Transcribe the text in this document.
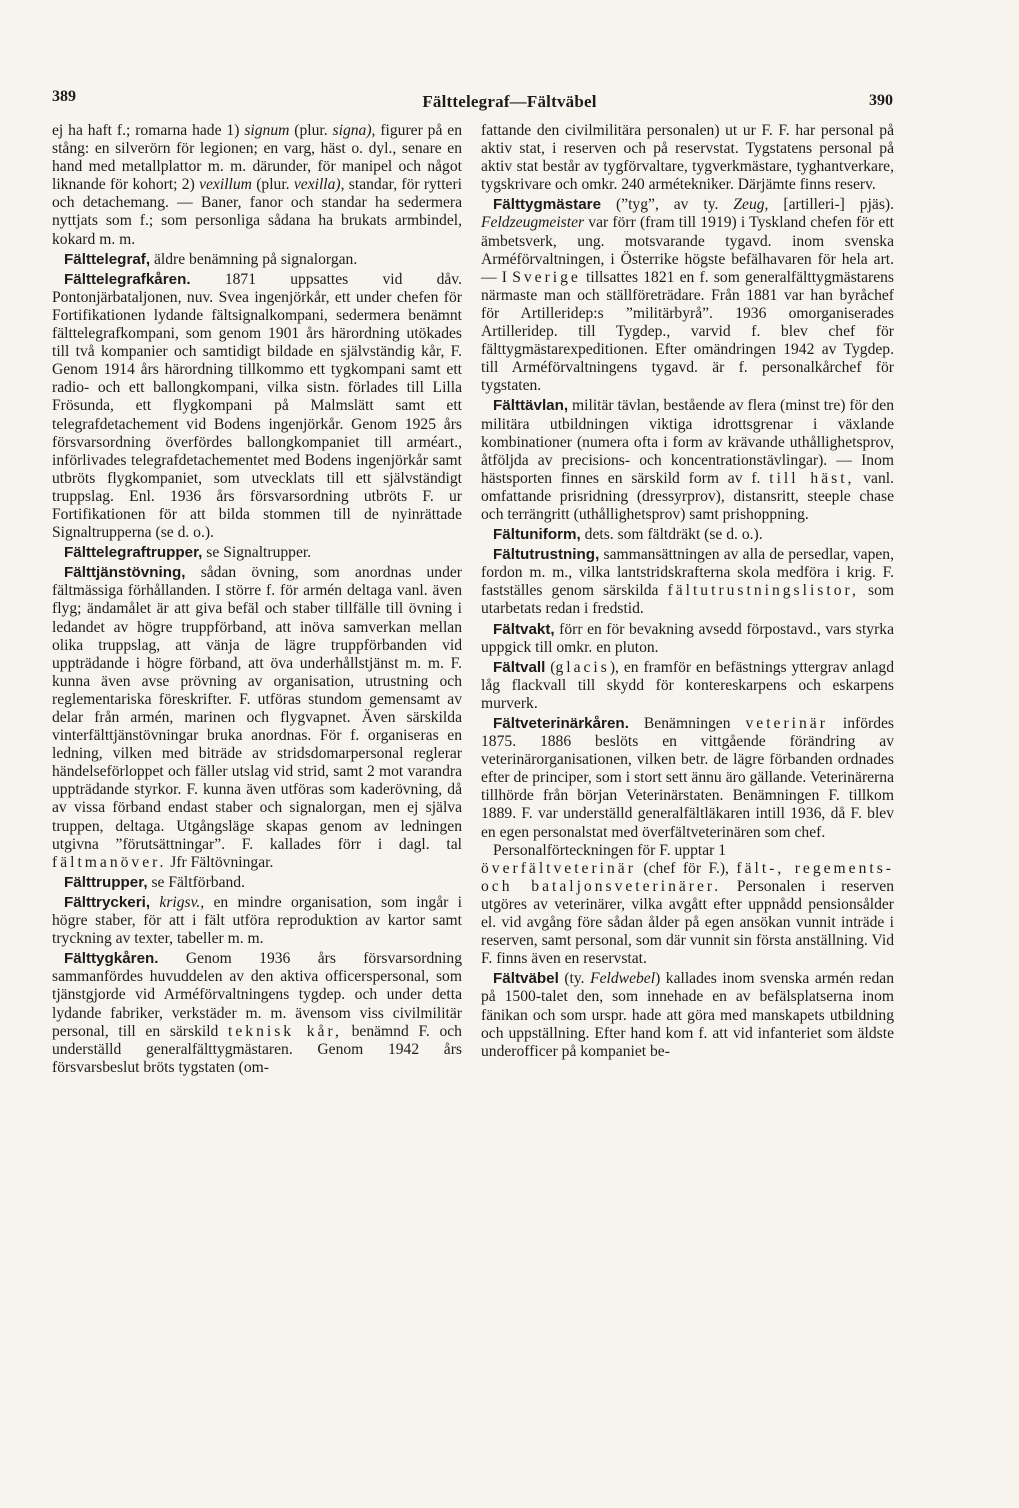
389	Fälttelegraf—Fältväbel	390

ej ha haft f.; romarna hade 1) signum (plur. signa), figurer på en stång: en silverörn för legionen; en varg, häst o. dyl., senare en hand med metallplattor m. m. därunder, för manipel och något liknande för kohort; 2) vexillum (plur. vexilla), standar, för rytteri och detachemang. — Baner, fanor och standar ha sedermera nyttjats som f.; som personliga sådana ha brukats armbindel, kokard m. m.

Fälttelegraf, äldre benämning på signalorgan.

Fälttelegrafkåren. 1871 uppsattes vid dåv. Pontonjärbataljonen, nuv. Svea ingenjörkår, ett under chefen för Fortifikationen lydande fältsignalkompani, sedermera benämnt fälttelegrafkompani, som genom 1901 års härordning utökades till två kompanier och samtidigt bildade en självständig kår, F. Genom 1914 års härordning tillkommo ett tygkompani samt ett radio- och ett ballongkompani, vilka sistn. förlades till Lilla Frösunda, ett flygkompani på Malmslätt samt ett telegrafdetachement vid Bodens ingenjörkår. Genom 1925 års försvarsordning överfördes ballongkompaniet till arméart., införlivades telegrafdetachementet med Bodens ingenjörkår samt utbröts flygkompaniet, som utvecklats till ett självständigt truppslag. Enl. 1936 års försvarsordning utbröts F. ur Fortifikationen för att bilda stommen till de nyinrättade Signaltrupperna (se d. o.).

Fälttelegraftrupper, se Signaltrupper.

Fälttjänstövning, sådan övning, som anordnas under fältmässiga förhållanden. I större f. för armén deltaga vanl. även flyg; ändamålet är att giva befäl och staber tillfälle till övning i ledandet av högre truppförband, att inöva samverkan mellan olika truppslag, att vänja de lägre truppförbanden vid uppträdande i högre förband, att öva underhållstjänst m. m. F. kunna även avse prövning av organisation, utrustning och reglementariska föreskrifter. F. utföras stundom gemensamt av delar från armén, marinen och flygvapnet. Även särskilda vinterfälttjänstövningar bruka anordnas. För f. organiseras en ledning, vilken med biträde av stridsdomarpersonal reglerar händelseförloppet och fäller utslag vid strid, samt 2 mot varandra uppträdande styrkor. F. kunna även utföras som kaderövning, då av vissa förband endast staber och signalorgan, men ej själva truppen, deltaga. Utgångsläge skapas genom av ledningen utgivna ”förutsättningar”. F. kallades förr i dagl. tal fältmanöver. Jfr Fältövningar.

Fälttrupper, se Fältförband.

Fälttryckeri, krigsv., en mindre organisation, som ingår i högre staber, för att i fält utföra reproduktion av kartor samt tryckning av texter, tabeller m. m.

Fälttygkåren. Genom 1936 års försvarsordning sammanfördes huvuddelen av den aktiva officerspersonal, som tjänstgjorde vid Arméförvaltningens tygdep. och under detta lydande fabriker, verkstäder m. m. ävensom viss civilmilitär personal, till en särskild teknisk kår, benämnd F. och underställd generalfälttygmästaren. Genom 1942 års försvarsbeslut bröts tygstaten (om-

fattande den civilmilitära personalen) ut ur F. F. har personal på aktiv stat, i reserven och på reservstat. Tygstatens personal på aktiv stat består av tygförvaltare, tygverkmästare, tyghantverkare, tygskrivare och omkr. 240 armétekniker. Därjämte finns reserv.

Fälttygmästare (”tyg”, av ty. Zeug, [artilleri-] pjäs). Feldzeugmeister var förr (fram till 1919) i Tyskland chefen för ett ämbetsverk, ung. motsvarande tygavd. inom svenska Arméförvaltningen, i Österrike högste befälhavaren för hela art. — I Sverige tillsattes 1821 en f. som generalfälttygmästarens närmaste man och ställföreträdare. Från 1881 var han byråchef för Artilleridep:s ”militärbyrå”. 1936 omorganiserades Artilleridep. till Tygdep., varvid f. blev chef för fälttygmästarexpeditionen. Efter omändringen 1942 av Tygdep. till Arméförvaltningens tygavd. är f. personalkårchef för tygstaten.

Fälttävlan, militär tävlan, bestående av flera (minst tre) för den militära utbildningen viktiga idrottsgrenar i växlande kombinationer (numera ofta i form av krävande uthållighetsprov, åtföljda av precisions- och koncentrationstävlingar). — Inom hästsporten finnes en särskild form av f. till häst, vanl. omfattande prisridning (dressyrprov), distansritt, steeple chase och terrängritt (uthållighetsprov) samt prishoppning.

Fältuniform, dets. som fältdräkt (se d. o.).

Fältutrustning, sammansättningen av alla de persedlar, vapen, fordon m. m., vilka lantstridskrafterna skola medföra i krig. F. fastställes genom särskilda fältutrustningslistor, som utarbetats redan i fredstid.

Fältvakt, förr en för bevakning avsedd förpostavd., vars styrka uppgick till omkr. en pluton.

Fältvall (glacis), en framför en befästnings yttergrav anlagd låg flackvall till skydd för kontereskarpens och eskarpens murverk.

Fältveterinärkåren. Benämningen veterinär infördes 1875. 1886 beslöts en vittgående förändring av veterinärorganisationen, vilken betr. de lägre förbanden ordnades efter de principer, som i stort sett ännu äro gällande. Veterinärerna tillhörde från början Veterinärstaten. Benämningen F. tillkom 1889. F. var underställd generalfältläkaren intill 1936, då F. blev en egen personalstat med överfältveterinären som chef.
Personalförteckningen för F. upptar 1
överfältveterinär (chef för F.), fält-, regements- och bataljonsveterinärer. Personalen i reserven utgöres av veterinärer, vilka avgått efter uppnådd pensionsålder el. vid avgång före sådan ålder på egen ansökan vunnit inträde i reserven, samt personal, som där vunnit sin första anställning. Vid F. finns även en reservstat.

Fältväbel (ty. Feldwebel) kallades inom svenska armén redan på 1500-talet den, som innehade en av befälsplatserna inom fänikan och som urspr. hade att göra med manskapets utbildning och uppställning. Efter hand kom f. att vid infanteriet som äldste underofficer på kompaniet be-
